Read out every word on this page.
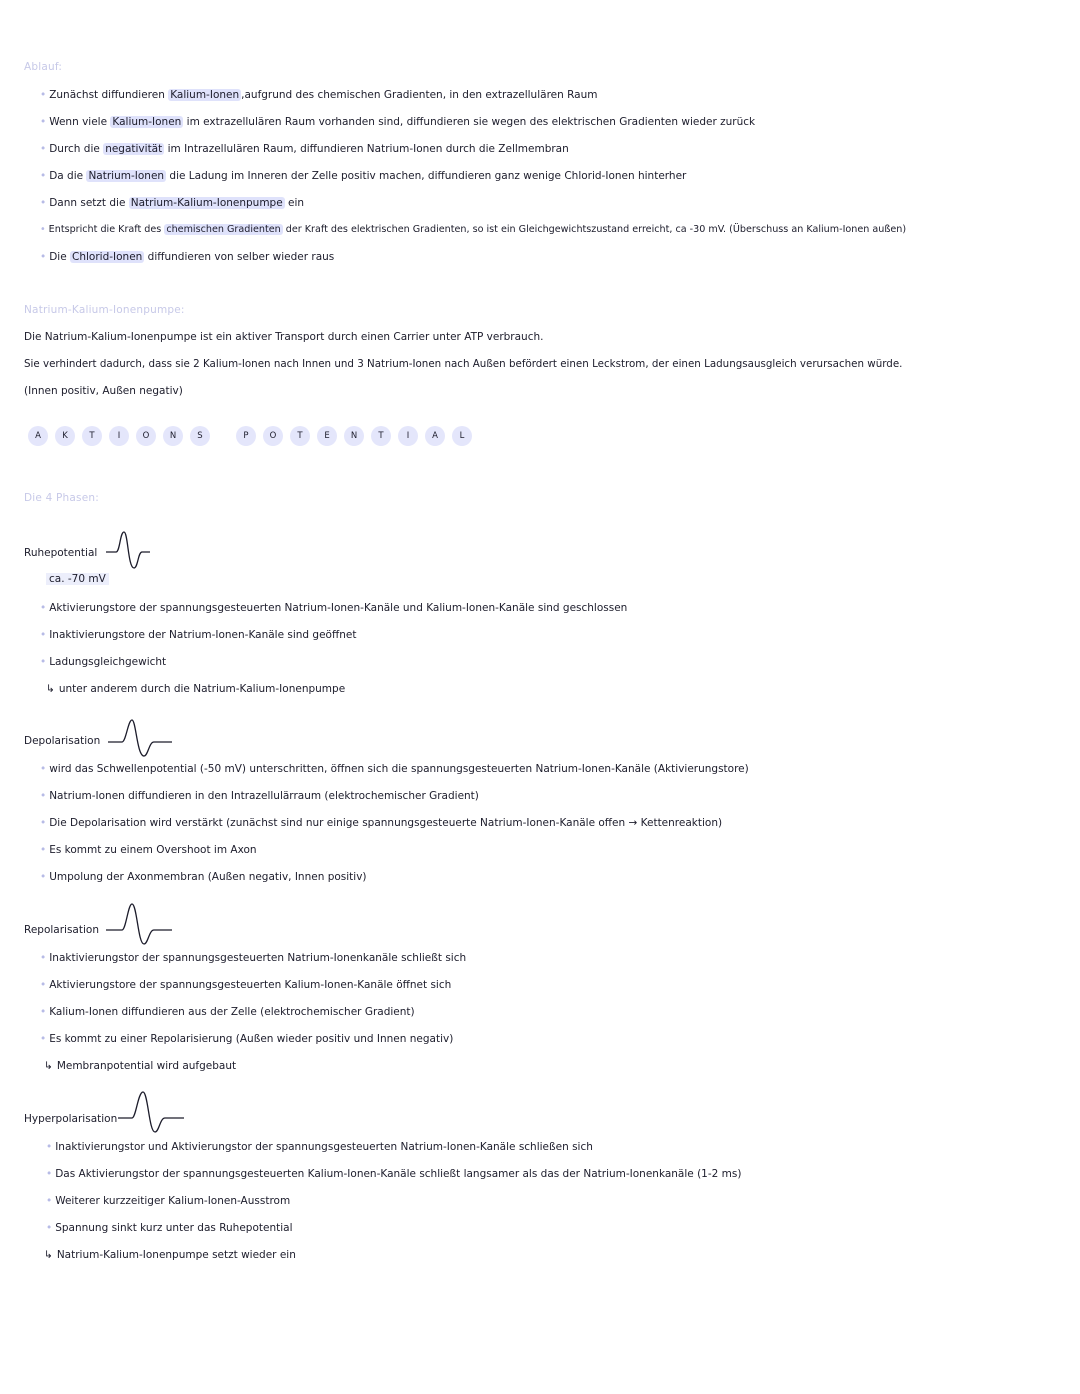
Ablauf:
• Zunächst diffundieren Kalium-Ionen ,aufgrund des chemischen Gradienten, in den extrazellulären Raum
• Wenn viele Kalium-Ionen im extrazellulären Raum vorhanden sind, diffundieren sie wegen des elektrischen Gradienten wieder zurück
• Durch die negativität im Intrazellulären Raum, diffundieren Natrium-Ionen durch die Zellmembran
• Da die Natrium-Ionen die Ladung im Inneren der Zelle positiv machen, diffundieren ganz wenige Chlorid-Ionen hinterher
• Dann setzt die Natrium-Kalium-Ionenpumpe ein
• Entspricht die Kraft des chemischen Gradienten der Kraft des elektrischen Gradienten, so ist ein Gleichgewichtszustand erreicht, ca -30 mV. (Überschuss an Kalium-Ionen außen)
• Die Chlorid-Ionen diffundieren von selber wieder raus
Natrium-Kalium-Ionenpumpe:
Die Natrium-Kalium-Ionenpumpe ist ein aktiver Transport durch einen Carrier unter ATP verbrauch.
Sie verhindert dadurch, dass sie 2 Kalium-Ionen nach Innen und 3 Natrium-Ionen nach Außen befördert einen Leckstrom, der einen Ladungsausgleich verursachen würde.
(Innen positiv, Außen negativ)
A	K	T	I	O	N	S	P	O	T	E	N	T	I	A	L
Die 4 Phasen:
Ruhepotential
ca. -70 mV
• Aktivierungstore der spannungsgesteuerten Natrium-Ionen-Kanäle und Kalium-Ionen-Kanäle sind geschlossen
• Inaktivierungstore der Natrium-Ionen-Kanäle sind geöffnet
• Ladungsgleichgewicht
↳ unter anderem durch die Natrium-Kalium-Ionenpumpe
Depolarisation
• wird das Schwellenpotential (-50 mV) unterschritten, öffnen sich die spannungsgesteuerten Natrium-Ionen-Kanäle (Aktivierungstore)
• Natrium-Ionen diffundieren in den Intrazellulärraum (elektrochemischer Gradient)
• Die Depolarisation wird verstärkt (zunächst sind nur einige spannungsgesteuerte Natrium-Ionen-Kanäle offen → Kettenreaktion)
• Es kommt zu einem Overshoot im Axon
• Umpolung der Axonmembran (Außen negativ, Innen positiv)
Repolarisation
• Inaktivierungstor der spannungsgesteuerten Natrium-Ionenkanäle schließt sich
• Aktivierungstore der spannungsgesteuerten Kalium-Ionen-Kanäle öffnet sich
• Kalium-Ionen diffundieren aus der Zelle (elektrochemischer Gradient)
• Es kommt zu einer Repolarisierung (Außen wieder positiv und Innen negativ)
↳ Membranpotential wird aufgebaut
Hyperpolarisation
• Inaktivierungstor und Aktivierungstor der spannungsgesteuerten Natrium-Ionen-Kanäle schließen sich
• Das Aktivierungstor der spannungsgesteuerten Kalium-Ionen-Kanäle schließt langsamer als das der Natrium-Ionenkanäle (1-2 ms)
• Weiterer kurzzeitiger Kalium-Ionen-Ausstrom
• Spannung sinkt kurz unter das Ruhepotential
↳ Natrium-Kalium-Ionenpumpe setzt wieder ein
